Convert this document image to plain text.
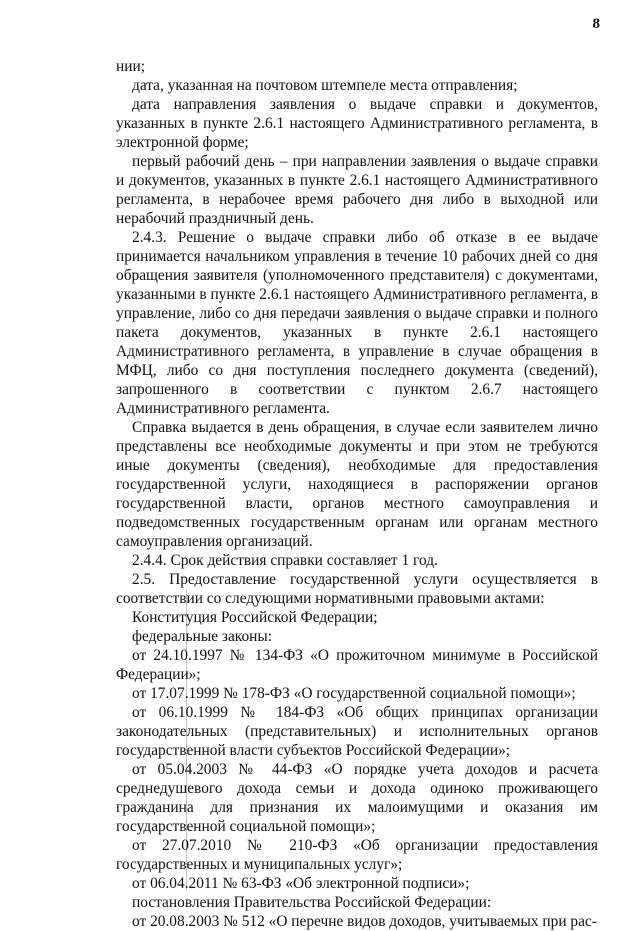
8

нии;

дата, указанная на почтовом штемпеле места отправления;

дата направления заявления о выдаче справки и документов, указанных в пункте 2.6.1 настоящего Административного регламента, в электронной форме;

первый рабочий день – при направлении заявления о выдаче справки и документов, указанных в пункте 2.6.1 настоящего Административного регламента, в нерабочее время рабочего дня либо в выходной или нерабочий праздничный день.

2.4.3. Решение о выдаче справки либо об отказе в ее выдаче принимается начальником управления в течение 10 рабочих дней со дня обращения заявителя (уполномоченного представителя) с документами, указанными в пункте 2.6.1 настоящего Административного регламента, в управление, либо со дня передачи заявления о выдаче справки и полного пакета документов, указанных в пункте 2.6.1 настоящего Административного регламента, в управление в случае обращения в МФЦ, либо со дня поступления последнего документа (сведений), запрошенного в соответствии с пунктом 2.6.7 настоящего Административного регламента.

Справка выдается в день обращения, в случае если заявителем лично представлены все необходимые документы и при этом не требуются иные документы (сведения), необходимые для предоставления государственной услуги, находящиеся в распоряжении органов государственной власти, органов местного самоуправления и подведомственных государственным органам или органам местного самоуправления организаций.

2.4.4. Срок действия справки составляет 1 год.

2.5. Предоставление государственной услуги осуществляется в соответствии со следующими нормативными правовыми актами:

Конституция Российской Федерации;

федеральные законы:

от 24.10.1997 № 134-ФЗ «О прожиточном минимуме в Российской Федерации»;

от 17.07.1999 № 178-ФЗ «О государственной социальной помощи»;

от 06.10.1999 № 184-ФЗ «Об общих принципах организации законодательных (представительных) и исполнительных органов государственной власти субъектов Российской Федерации»;

от 05.04.2003 № 44-ФЗ «О порядке учета доходов и расчета среднедушевого дохода семьи и дохода одиноко проживающего гражданина для признания их малоимущими и оказания им государственной социальной помощи»;

от 27.07.2010 № 210-ФЗ «Об организации предоставления государственных и муниципальных услуг»;

от 06.04.2011 № 63-ФЗ «Об электронной подписи»;

постановления Правительства Российской Федерации:

от 20.08.2003 № 512 «О перечне видов доходов, учитываемых при рас-
